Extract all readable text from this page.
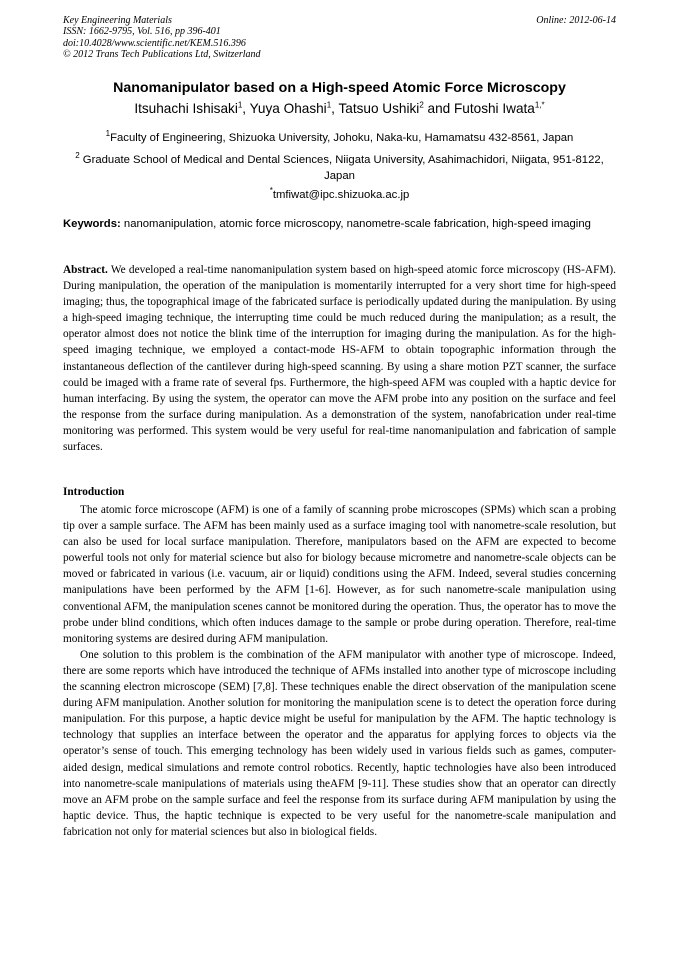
Key Engineering Materials
ISSN: 1662-9795, Vol. 516, pp 396-401
doi:10.4028/www.scientific.net/KEM.516.396
© 2012 Trans Tech Publications Ltd, Switzerland
Online: 2012-06-14
Nanomanipulator based on a High-speed Atomic Force Microscopy
Itsuhachi Ishisaki$^1$, Yuya Ohashi$^1$, Tatsuo Ushiki$^2$ and Futoshi Iwata$^{1,*}$
$^1$Faculty of Engineering, Shizuoka University, Johoku, Naka-ku, Hamamatsu 432-8561, Japan
$^2$ Graduate School of Medical and Dental Sciences, Niigata University, Asahimachidori, Niigata, 951-8122, Japan
*tmfiwat@ipc.shizuoka.ac.jp
Keywords: nanomanipulation, atomic force microscopy, nanometre-scale fabrication, high-speed imaging
Abstract. We developed a real-time nanomanipulation system based on high-speed atomic force microscopy (HS-AFM). During manipulation, the operation of the manipulation is momentarily interrupted for a very short time for high-speed imaging; thus, the topographical image of the fabricated surface is periodically updated during the manipulation. By using a high-speed imaging technique, the interrupting time could be much reduced during the manipulation; as a result, the operator almost does not notice the blink time of the interruption for imaging during the manipulation. As for the high-speed imaging technique, we employed a contact-mode HS-AFM to obtain topographic information through the instantaneous deflection of the cantilever during high-speed scanning. By using a share motion PZT scanner, the surface could be imaged with a frame rate of several fps. Furthermore, the high-speed AFM was coupled with a haptic device for human interfacing. By using the system, the operator can move the AFM probe into any position on the surface and feel the response from the surface during manipulation. As a demonstration of the system, nanofabrication under real-time monitoring was performed. This system would be very useful for real-time nanomanipulation and fabrication of sample surfaces.
Introduction

The atomic force microscope (AFM) is one of a family of scanning probe microscopes (SPMs) which scan a probing tip over a sample surface. The AFM has been mainly used as a surface imaging tool with nanometre-scale resolution, but can also be used for local surface manipulation. Therefore, manipulators based on the AFM are expected to become powerful tools not only for material science but also for biology because micrometre and nanometre-scale objects can be moved or fabricated in various (i.e. vacuum, air or liquid) conditions using the AFM. Indeed, several studies concerning manipulations have been performed by the AFM [1-6]. However, as for such nanometre-scale manipulation using conventional AFM, the manipulation scenes cannot be monitored during the operation. Thus, the operator has to move the probe under blind conditions, which often induces damage to the sample or probe during operation. Therefore, real-time monitoring systems are desired during AFM manipulation.

One solution to this problem is the combination of the AFM manipulator with another type of microscope. Indeed, there are some reports which have introduced the technique of AFMs installed into another type of microscope including the scanning electron microscope (SEM) [7,8]. These techniques enable the direct observation of the manipulation scene during AFM manipulation. Another solution for monitoring the manipulation scene is to detect the operation force during manipulation. For this purpose, a haptic device might be useful for manipulation by the AFM. The haptic technology is technology that supplies an interface between the operator and the apparatus for applying forces to objects via the operator’s sense of touch. This emerging technology has been widely used in various fields such as games, computer-aided design, medical simulations and remote control robotics. Recently, haptic technologies have also been introduced into nanometre-scale manipulations of materials using theAFM [9-11]. These studies show that an operator can directly move an AFM probe on the sample surface and feel the response from its surface during AFM manipulation by using the haptic device. Thus, the haptic technique is expected to be very useful for the nanometre-scale manipulation and fabrication not only for material sciences but also in biological fields.
